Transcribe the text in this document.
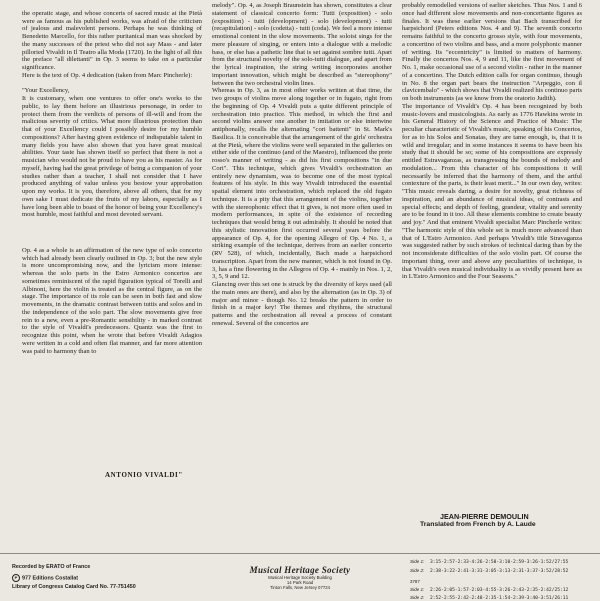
the operatic stage, and whose concerts of sacred music at the Pietà were as famous as his published works, was afraid of the criticism of jealous and malevolent persons. Perhaps he was thinking of Benedetto Marcello, for this rather puritanical man was shocked by the many successes of the priest who did not say Mass - and later pilloried Vivaldi in Il Teatro alla Moda (1720). In the light of all this the preface "all dilettanti" in Op. 3 seems to take on a particular significance.
Here is the text of Op. 4 dedication (taken from Marc Pincherle):

"Your Excellency,
It is customary, when one ventures to offer one's works to the public, to lay them before an illustrious personage, in order to protect them from the verdicts of persons of ill-will and from the malicious severity of critics. What more illustrious protection than that of your Excellency could I possibly desire for my humble compositions? After having given evidence of indisputable talent in many fields you have also shown that you have great musical abilities. Your taste has shown itself so perfect that there is not a musician who would not be proud to have you as his master. As for myself, having had the great privilege of being a companion of your studies rather than a teacher, I shall not consider that I have produced anything of value unless you bestow your approbation upon my works. It is you, therefore, above all others, that for my own sake I must dedicate the fruits of my labors, especially as I have long been able to boast of the honor of being your Excellency's most humble, most faithful and most devoted servant.

Op. 4 as a whole is an affirmation of the new type of solo concerto which had already been clearly outlined in Op. 3; but the new style is more uncompromising now, and the lyricism more intense: whereas the solo parts in the Estro Armonico concertos are sometimes reminiscent of the rapid figuration typical of Torelli and Albinoni, here the violin is treated as the central figure, as on the stage. The importance of its role can be seen in both fast and slow movements, in the dramatic contrast between tuttis and solos and in the independence of the solo part. The slow movements give free rein to a new, even a pre-Romantic sensibility - in marked contrast to the style of Vivaldi's predecessors. Quantz was the first to recognize this point, when he wrote that before Vivaldi Adagios were written in a cold and often flat manner, and far more attention was paid to harmony than to

ANTONIO VIVALDI"
melody". Op. 4, as Joseph Braunstein has shown, constitutes a clear statement of classical concerto form: Tutti (exposition) - solo (exposition) - tutti (development) - solo (development) - tutti (recapitulation) - solo (codetta) - tutti (coda). We feel a more intense emotional content in the slow movements. The soloist sings for the mere pleasure of singing, or enters into a dialogue with a melodic bass, or else has a pathetic line that is set against sombre tutti. Apart from the structural novelty of the solo-tutti dialogue, and apart from the lyrical inspiration, the string writing incorporates another important innovation, which might be described as "stereophony" between the two orchestral violin lines.
Whereas in Op. 3, as in most other works written at that time, the two groups of violins move along together or in fugato, right from the beginning of Op. 4 Vivaldi puts a quite different principle of orchestration into practice. This method, in which the first and second violins answer one another in imitation or else intertwine antiphonally, recalls the alternating "cori battenti" in St. Mark's Basilica. It is conceivable that the arrangement of the girls' orchestra at the Pietà, where the violins were well separated in the galleries on either side of the continuo (and of the Maestro), influenced the prete rosso's manner of writing - as did his first compositions "in due Cori". This technique, which gives Vivaldi's orchestration an entirely new dynamism, was to become one of the most typical features of his style. In this way Vivaldi introduced the essential spatial element into orchestration, which replaced the old fugato technique. It is a pity that this arrangement of the violins, together with the stereophonic effect that it gives, is not more often used in modern performances, in spite of the existence of recording techniques that would bring it out admirably. It should be noted that this stylistic innovation first occurred several years before the appearance of Op. 4, for the opening Allegro of Op. 4 No. 1, a striking example of the technique, derives from an earlier concerto (RV 528), of which, incidentally, Bach made a harpsichord transcription. Apart from the new manner, which is not found in Op. 3, has a fine flowering in the Allegros of Op. 4 - mainly in Nos. 1, 2, 3, 5, 9 and 12.
Glancing over this set one is struck by the diversity of keys used (all the main ones are there), and also by the alternation (as in Op. 3) of major and minor - though No. 12 breaks the pattern in order to finish in a major key! The themes and rhythms, the structural patterns and the orchestration all reveal a process of constant renewal. Several of the concertos are
probably remodelled versions of earlier sketches. Thus Nos. 1 and 6 once had different slow movements and non-concertante figures as finales. It was these earlier versions that Bach transcribed for harpsichord (Peters editions Nos. 4 and 9). The seventh concerto remains faithful to the concerto grosso style, with four movements, a concertino of two violins and bass, and a more polyphonic manner of writing. Its "eccentricity" is limited to matters of harmony. Finally the concertos Nos. 4, 9 and 11, like the first movement of No. 1, make occasional use of a second violin - rather in the manner of a concertino. The Dutch edition calls for organ continuo, though in No. 8 the organ part bears the instruction "Arpeggio, con il clavicembalo" - which shows that Vivaldi realized his continuo parts on both instruments (as we know from the oratorio Judith).
The importance of Vivaldi's Op. 4 has been recognized by both music-lovers and musicologists. As early as 1776 Hawkins wrote in his General History of the Science and Practice of Music: The peculiar characteristic of Vivaldi's music, speaking of his Concertos, for as to his Solos and Sonatas, they are tame enough, is, that it is wild and irregular; and in some instances it seems to have been his study that it should be so; some of his compositions are expressly entitled Estravaganzas, as transgressing the bounds of melody and modulation... From this character of his compositions it will necessarily be inferred that the harmony of them, and the artful contexture of the parts, is their least merit..." In our own day, writes: "This music reveals daring, a desire for novelty, great richness of inspiration, and an abundance of musical ideas, of contrasts and special effects; and depth of feeling, grandeur, vitality and serenity are to be found in it too. All these elements combine to create beauty and joy." And that eminent Vivaldi specialist Marc Pincherle writes: "The harmonic style of this whole set is much more advanced than that of L'Estro Armonico. And perhaps Vivaldi's title Stravaganza was suggested rather by such strokes of technical daring than by the not inconsiderate difficulties of the solo violin part. Of course the important thing, over and above any peculiarities of technique, is that Vivaldi's own musical individuality is as vividly present here as in L'Estro Armonico and the Four Seasons."
JEAN-PIERRE DEMOULIN
Translated from French by A. Laude
Recorded by ERATO of France
P 977 Editions Costallat
Library of Congress Catalog Card No. 77-751450
Musical Heritage Society
Musical Heritage Society Building
14 Park Road
Tinton Falls, New Jersey 07724
Side 1: 3:15-2:57-2:33-4:26-2:58-3:10-2:59-3:26-1:52/27:55
Side 2: 2:38-3:22-2:41-3:31-3:05-3:13-2:31-3:37-3:52/28:52
3787
Side 1: 2:26-2:05-1:57-2:03-4:55-3:26-2:43-2:35-2:42/25:12
Side 2: 2:52-2:55-2:42-2:48-2:35-1:54-2:39-3:40-3:51/26:11
